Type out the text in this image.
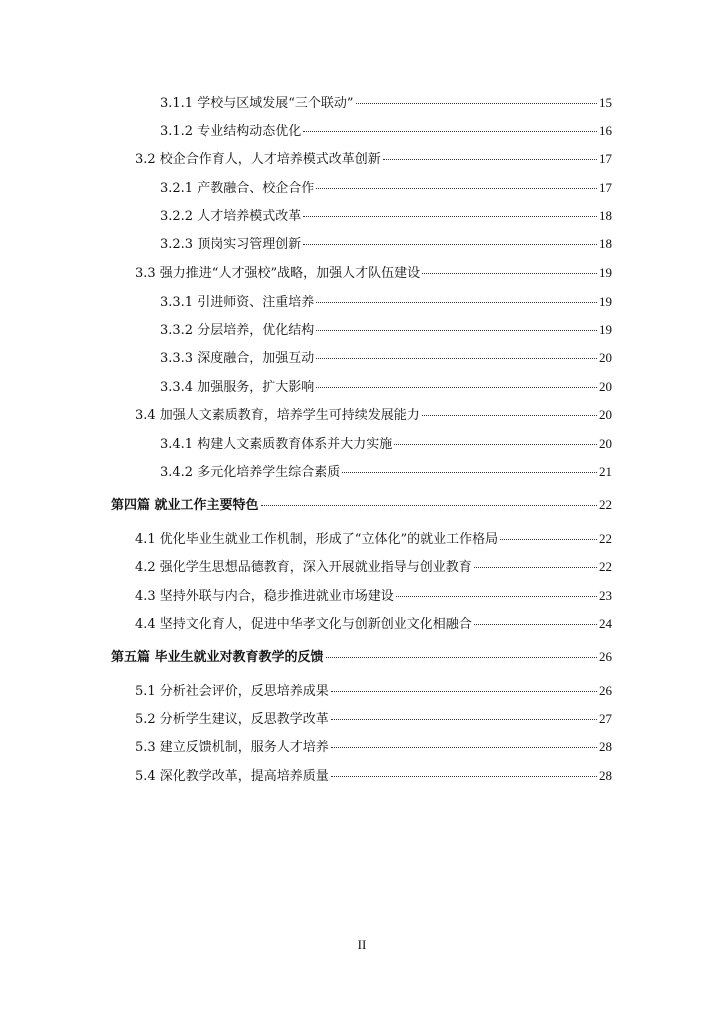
3.1.1 学校与区域发展“三个联动”	15
3.1.2 专业结构动态优化	16
3.2 校企合作育人，人才培养模式改革创新	17
3.2.1 产教融合、校企合作	17
3.2.2 人才培养模式改革	18
3.2.3 顶岗实习管理创新	18
3.3 强力推进“人才强校”战略，加强人才队伍建设	19
3.3.1 引进师资、注重培养	19
3.3.2 分层培养，优化结构	19
3.3.3 深度融合，加强互动	20
3.3.4 加强服务，扩大影响	20
3.4 加强人文素质教育，培养学生可持续发展能力	20
3.4.1 构建人文素质教育体系并大力实施	20
3.4.2 多元化培养学生综合素质	21
第四篇 就业工作主要特色	22
4.1 优化毕业生就业工作机制，形成了“立体化”的就业工作格局	22
4.2 强化学生思想品德教育，深入开展就业指导与创业教育	22
4.3 坚持外联与内合，稳步推进就业市场建设	23
4.4 坚持文化育人，促进中华孝文化与创新创业文化相融合	24
第五篇 毕业生就业对教育教学的反馈	26
5.1 分析社会评价，反思培养成果	26
5.2 分析学生建议，反思教学改革	27
5.3 建立反馈机制，服务人才培养	28
5.4 深化教学改革，提高培养质量	28
II
